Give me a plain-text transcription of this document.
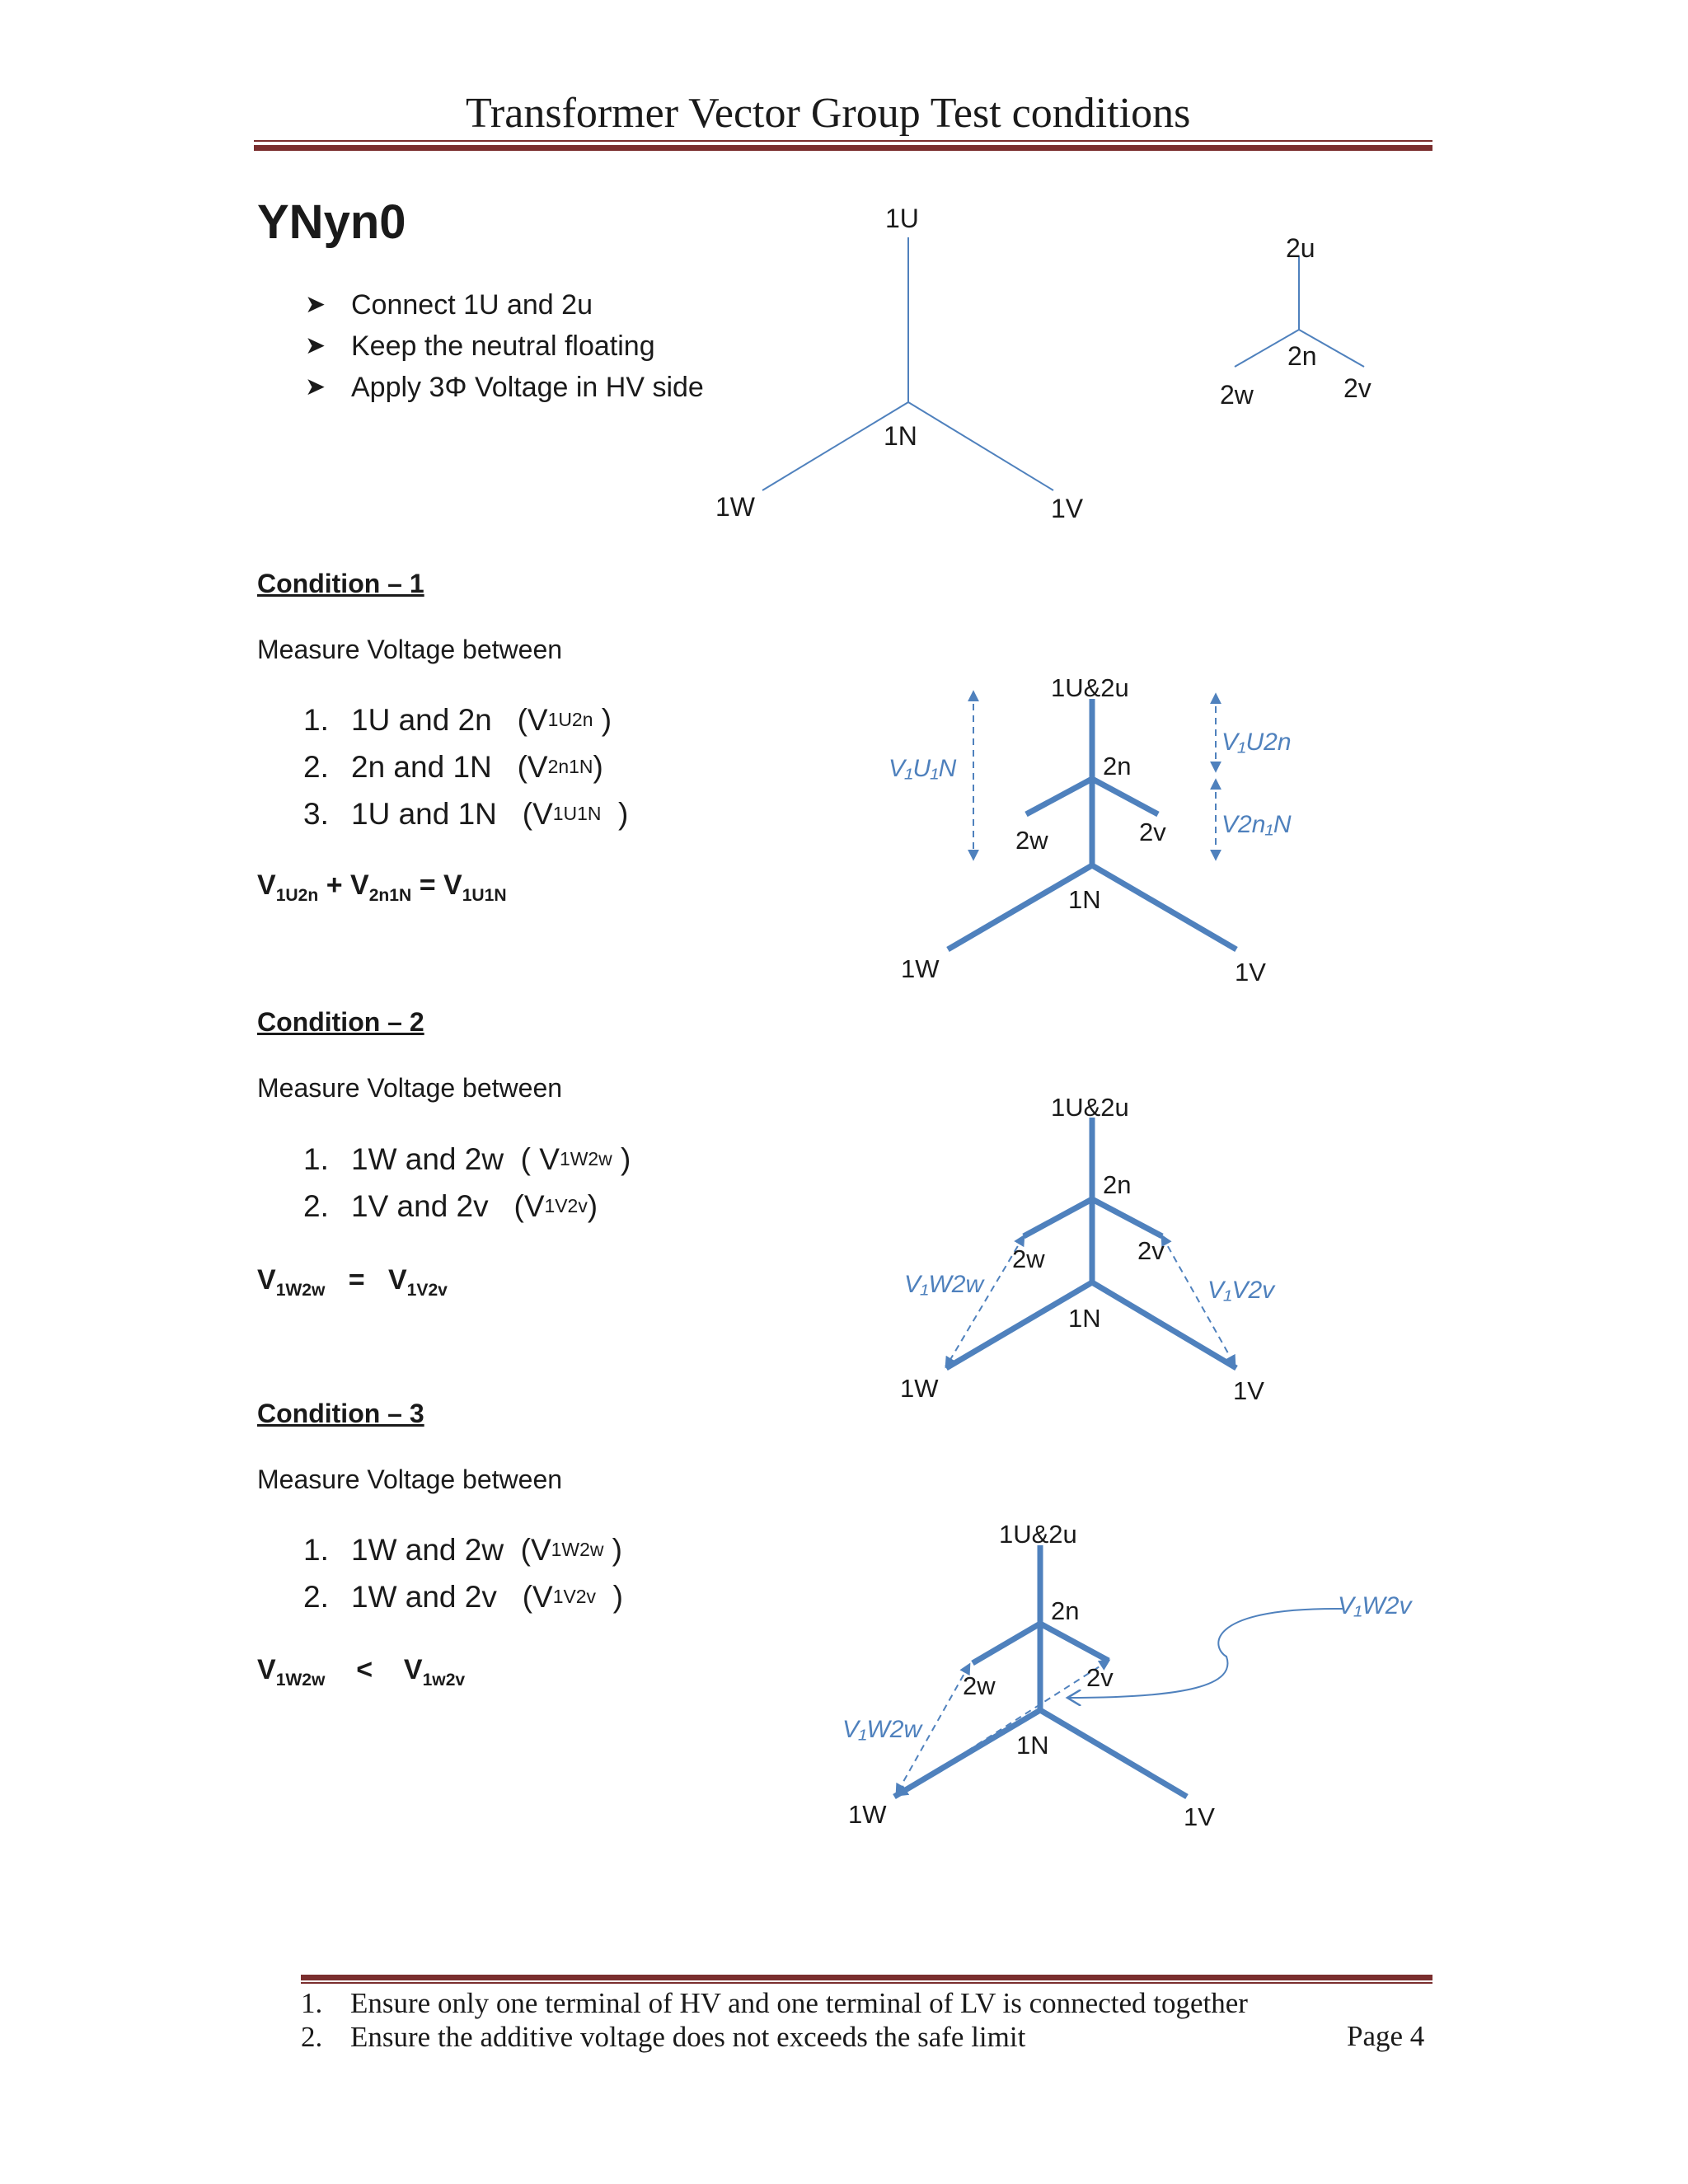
Transformer Vector Group Test conditions
YNyn0
➤ Connect 1U and 2u
➤ Keep the neutral floating
➤ Apply 3Φ Voltage in HV side
Condition – 1
Measure Voltage between
1. 1U and 2n ( V 1U2n )
2. 2n and 1N ( V 2n1N )
3. 1U and 1N ( V 1U1N )
$V_{1U2n} + V_{2n1N} = V_{1U1N}$
Condition – 2
Measure Voltage between
1. 1W and 2w
( V 1W2w )
2. 1V and 2v ( V 1V2v )
$V_{1W2w} = V_{1V2v}$
Condition – 3
Measure Voltage between
1. 1W and 2w ( V 1W2w )
2. 1W and 2v ( V 1V2v )
$V_{1W2w} < V_{1w2v}$
1U
1N
1W	1V
2u
2n
2w	2v
1U&2u
2n
2w	2v
1N
1W	1V
V₁U₁N
V₁U2n
V2n₁N
1U&2u
2n
2w	2v
1N
1W	1V
V₁W2w	V₁V2v
1U&2u
2n
2w	2v
1N
1W	1V
V₁W2w
V₁W2v
1. Ensure only one terminal of HV and one terminal of LV is connected together
2. Ensure the additive voltage does not exceeds the safe limit	Page 4
